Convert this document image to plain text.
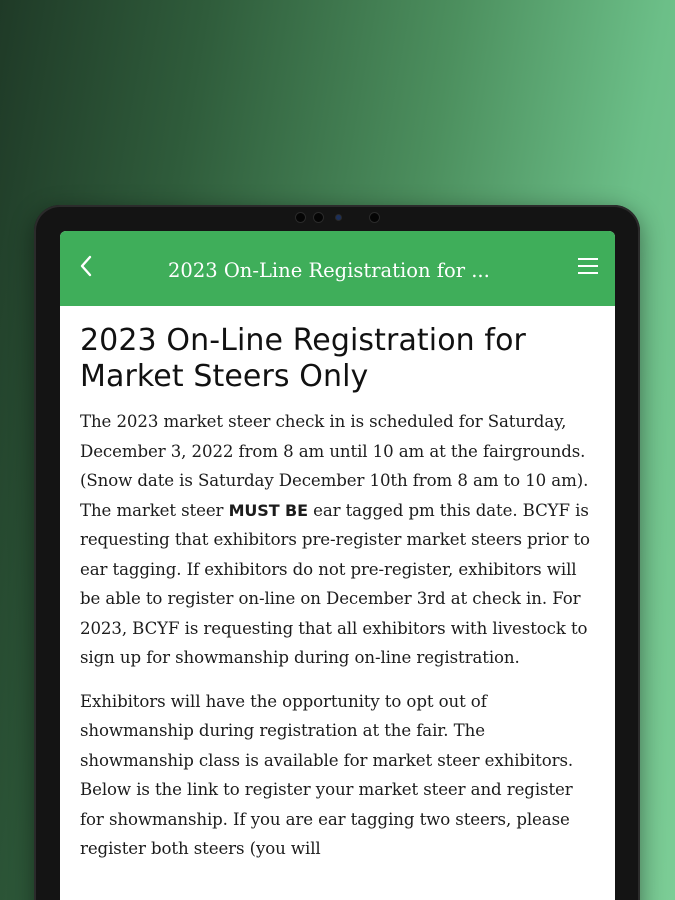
2023 On-Line Registration for ...
2023 On-Line Registration for Market Steers Only

The 2023 market steer check in is scheduled for Saturday, December 3, 2022 from 8 am until 10 am at the fairgrounds. (Snow date is Saturday December 10th from 8 am to 10 am). The market steer MUST BE ear tagged pm this date. BCYF is requesting that exhibitors pre-register market steers prior to ear tagging. If exhibitors do not pre-register, exhibitors will be able to register on-line on December 3rd at check in. For 2023, BCYF is requesting that all exhibitors with livestock to sign up for showmanship during on-line registration.

Exhibitors will have the opportunity to opt out of showmanship during registration at the fair. The showmanship class is available for market steer exhibitors. Below is the link to register your market steer and register for showmanship. If you are ear tagging two steers, please register both steers (you will
